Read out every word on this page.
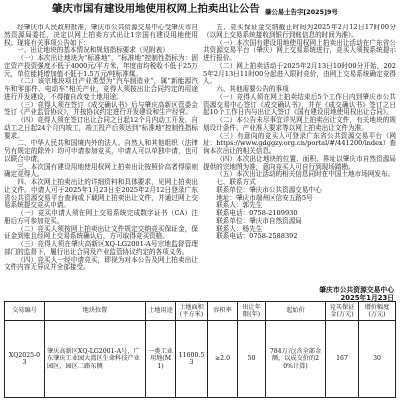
肇庆市国有建设用地使用权网上拍卖出让公告 肇公易土告字[2025]9号

经肇庆市人民政府批准，肇庆市公共资源交易中心受肇庆市自然资源局委托，决定以网上拍卖方式出让1宗国有建设用地使用权。现将有关事项公告如下：

一、出让地块的基本情况和规划指标要求（见附表）

（一）本次出让地块为“标准地”，“标准地”控制性指标为：固定资产投资强度不低于4000元/平方米，年度亩均税收不低于25万元，单位能耗增加值不低于1.5万元/吨标准煤。

（二）该宗地块项目产业类型为“汽车制造业”，属“新能源汽车和零部件、电动车”相关产业，竞得人须按出让合同约定的用途进行开发建设，不得擅自改变土地用途。

（三）竞得人须在签订《成交确认书》后与肇庆高新区管委会签订《产业监管协议》，并按协议约定进行开发建设和生产经营。

（四）竞得人须在签订出让合同之日起12个月内动工开发，自动工之日起24个月内竣工，竣工投产后须达到“标准地”控制性指标要求。

二、中华人民共和国境内外的法人、自然人和其他组织（法律另有规定的除外）均可申请参加竞买，申请人可以单独申请，也可以联合申请。

三、本次国有建设用地使用权网上拍卖出让按照价高者得原则确定竞得人。

四、本次网上拍卖出让的详细资料和具体要求，见网上拍卖出让文件。申请人可于2025年1月23日至2025年2月12日登录广东省公共资源交易平台查询或下载网上拍卖出让文件，并通过网上交易系统提交竞买申请。

（一）竞买申请人须在网上交易系统完成数字证书（CA）注册后方可参加竞买。

（二）竞买人须按网上拍卖出让文件规定交纳竞买保证金，保证金到账且经网上交易系统确认后，方可取得竞买资格。

（三）竞得人须在肇庆高新区XQ-LG2001-A号宗地监督管理部门的监督下，履行出让合同及产业监管协议约定的各项义务。

（四）竞买人一经申请竞买，即视为对本公告及网上拍卖出让文件内容无异议并全部接受。

五、竞买保证金交纳截止时间为2025年2月12日17时00分（以网上交易系统接收到银行到账信息的时间为准）。

（一）本次国有建设用地使用权网上拍卖出让活动在广东省公共资源交易平台（肇庆）网上交易系统进行，竞买人须按系统提示进行报价。

（二）网上拍卖活动于2025年2月13日10时00分开始，2025年2月13日11时00分起进入限时竞价，由网上交易系统确定竞得人。

六、其他需要公告的事项

（一）竞得人须在网上拍卖结束后5个工作日内到肇庆市公共资源交易中心签订《成交确认书》，并在《成交确认书》签订之日起10个工作日内与出让人签订《国有建设用地使用权出让合同》。

（二）本公告未尽事宜详见网上拍卖出让文件，有关地块的规划设计条件、产业准入要求等以网上拍卖出让文件为准。

（三）有意向的竞买人可登录广东省公共资源交易平台（网址：https://www.gdggzy.org.cn/portal/#/441200/index）查询本次出让的相关信息。

（四）本次出让地块的位置、面积、界址以肇庆市自然资源局提供的宗地图为准，意向竞买人可自行到现场踏勘。

（五）本次出让活动的相关信息同时在中国土地市场网发布。

七、联系方式

联系单位：肇庆市公共资源交易中心

地址：肇庆市端州区信安五路5号

联系人：郭先生

联系电话：0758-2109930

联系单位：肇庆市自然资源局

联系人：杨先生

联系电话：0758-2588392

肇庆市公共资源交易中心
2025年1月23日
交易编号	地块位置	土地用途	土地面积(平方米)	容积率	出让年限(年)	起始价	竞买保证金(万元)	增价幅度(万元)
XQ2025-03	肇庆高新区XQ-LG2001-A号，广东肇庆工业园大湾区生命科技产业园区，园区二路东侧	一类工业用地(M1)	11600.53	≥2.0	50	784万元(含全部金额，以成交价的20%计算)	167	30
